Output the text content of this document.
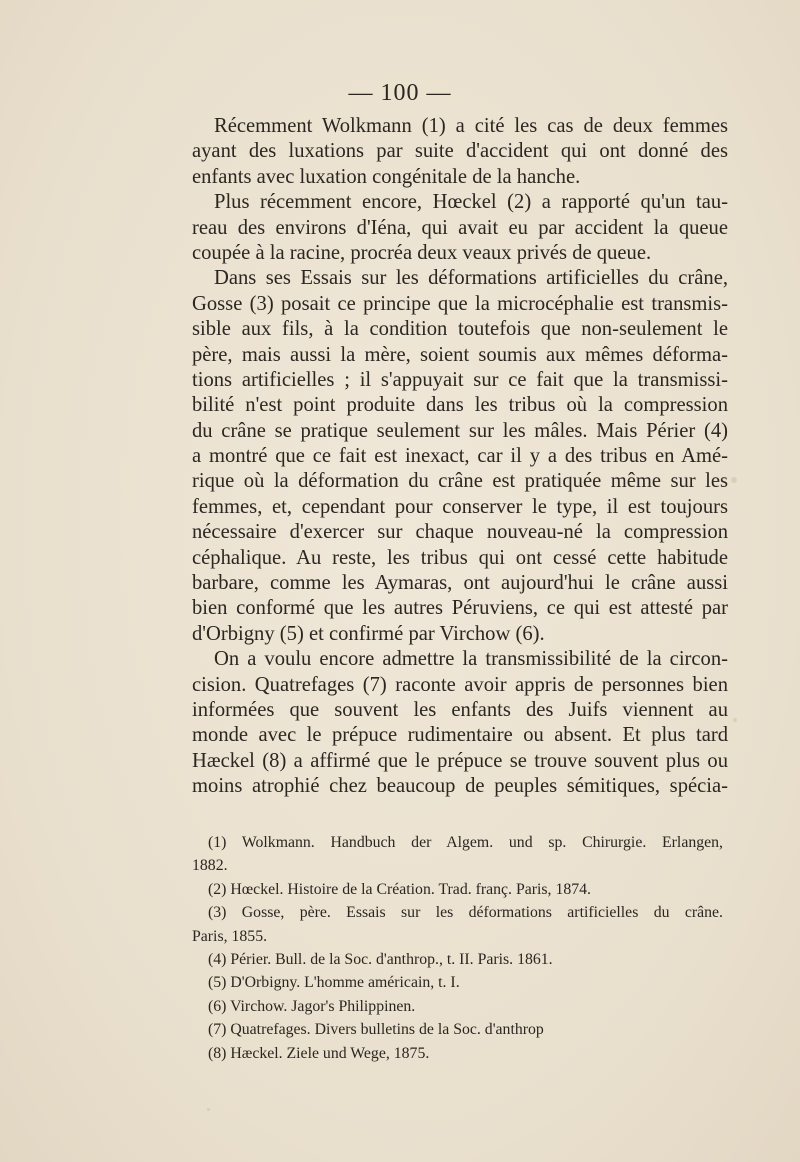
— 100 —
Récemment Wolkmann (1) a cité les cas de deux femmes
ayant des luxations par suite d'accident qui ont donné des
enfants avec luxation congénitale de la hanche.
Plus récemment encore, Hœckel (2) a rapporté qu'un tau-
reau des environs d'Iéna, qui avait eu par accident la queue
coupée à la racine, procréa deux veaux privés de queue.
Dans ses Essais sur les déformations artificielles du crâne,
Gosse (3) posait ce principe que la microcéphalie est transmis-
sible aux fils, à la condition toutefois que non-seulement le
père, mais aussi la mère, soient soumis aux mêmes déforma-
tions artificielles ; il s'appuyait sur ce fait que la transmissi-
bilité n'est point produite dans les tribus où la compression
du crâne se pratique seulement sur les mâles. Mais Périer (4)
a montré que ce fait est inexact, car il y a des tribus en Amé-
rique où la déformation du crâne est pratiquée même sur les
femmes, et, cependant pour conserver le type, il est toujours
nécessaire d'exercer sur chaque nouveau-né la compression
céphalique. Au reste, les tribus qui ont cessé cette habitude
barbare, comme les Aymaras, ont aujourd'hui le crâne aussi
bien conformé que les autres Péruviens, ce qui est attesté par
d'Orbigny (5) et confirmé par Virchow (6).
On a voulu encore admettre la transmissibilité de la circon-
cision. Quatrefages (7) raconte avoir appris de personnes bien
informées que souvent les enfants des Juifs viennent au
monde avec le prépuce rudimentaire ou absent. Et plus tard
Hæckel (8) a affirmé que le prépuce se trouve souvent plus ou
moins atrophié chez beaucoup de peuples sémitiques, spécia-
(1) Wolkmann. Handbuch der Algem. und sp. Chirurgie. Erlangen,
1882.
(2) Hœckel. Histoire de la Création. Trad. franç. Paris, 1874.
(3) Gosse, père. Essais sur les déformations artificielles du crâne.
Paris, 1855.
(4) Périer. Bull. de la Soc. d'anthrop., t. II. Paris. 1861.
(5) D'Orbigny. L'homme américain, t. I.
(6) Virchow. Jagor's Philippinen.
(7) Quatrefages. Divers bulletins de la Soc. d'anthrop
(8) Hæckel. Ziele und Wege, 1875.
